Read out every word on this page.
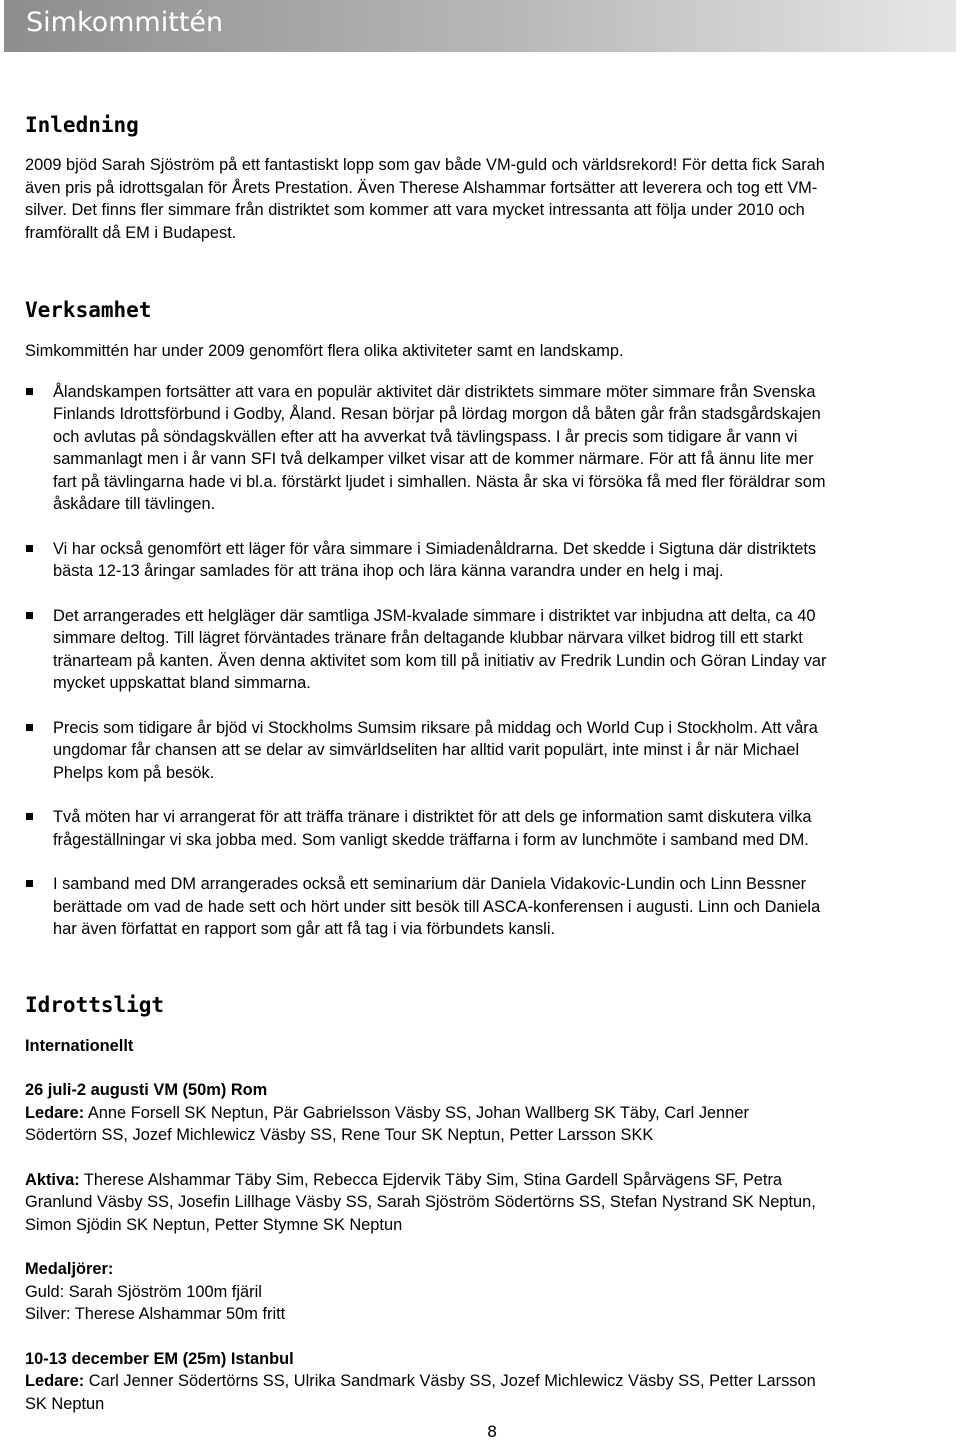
Simkommittén
Inledning

2009 bjöd Sarah Sjöström på ett fantastiskt lopp som gav både VM-guld och världsrekord! För detta fick Sarah
även pris på idrottsgalan för Årets Prestation. Även Therese Alshammar fortsätter att leverera och tog ett VM-
silver. Det finns fler simmare från distriktet som kommer att vara mycket intressanta att följa under 2010 och
framförallt då EM i Budapest.

Verksamhet

Simkommittén har under 2009 genomfört flera olika aktiviteter samt en landskamp.

Ålandskampen fortsätter att vara en populär aktivitet där distriktets simmare möter simmare från Svenska
Finlands Idrottsförbund i Godby, Åland. Resan börjar på lördag morgon då båten går från stadsgårdskajen
och avlutas på söndagskvällen efter att ha avverkat två tävlingspass. I år precis som tidigare år vann vi
sammanlagt men i år vann SFI två delkamper vilket visar att de kommer närmare. För att få ännu lite mer
fart på tävlingarna hade vi bl.a. förstärkt ljudet i simhallen. Nästa år ska vi försöka få med fler föräldrar som
åskådare till tävlingen.

Vi har också genomfört ett läger för våra simmare i Simiadenåldrarna. Det skedde i Sigtuna där distriktets
bästa 12-13 åringar samlades för att träna ihop och lära känna varandra under en helg i maj.

Det arrangerades ett helgläger där samtliga JSM-kvalade simmare i distriktet var inbjudna att delta, ca 40
simmare deltog. Till lägret förväntades tränare från deltagande klubbar närvara vilket bidrog till ett starkt
tränarteam på kanten. Även denna aktivitet som kom till på initiativ av Fredrik Lundin och Göran Linday var
mycket uppskattat bland simmarna.

Precis som tidigare år bjöd vi Stockholms Sumsim riksare på middag och World Cup i Stockholm. Att våra
ungdomar får chansen att se delar av simvärldseliten har alltid varit populärt, inte minst i år när Michael
Phelps kom på besök.

Två möten har vi arrangerat för att träffa tränare i distriktet för att dels ge information samt diskutera vilka
frågeställningar vi ska jobba med. Som vanligt skedde träffarna i form av lunchmöte i samband med DM.

I samband med DM arrangerades också ett seminarium där Daniela Vidakovic-Lundin och Linn Bessner
berättade om vad de hade sett och hört under sitt besök till ASCA-konferensen i augusti. Linn och Daniela
har även författat en rapport som går att få tag i via förbundets kansli.

Idrottsligt

Internationellt

26 juli-2 augusti VM (50m) Rom

Ledare: Anne Forsell SK Neptun, Pär Gabrielsson Väsby SS, Johan Wallberg SK Täby, Carl Jenner
Södertörn SS, Jozef Michlewicz Väsby SS, Rene Tour SK Neptun, Petter Larsson SKK

Aktiva: Therese Alshammar Täby Sim, Rebecca Ejdervik Täby Sim, Stina Gardell Spårvägens SF, Petra
Granlund Väsby SS, Josefin Lillhage Väsby SS, Sarah Sjöström Södertörns SS, Stefan Nystrand SK Neptun,
Simon Sjödin SK Neptun, Petter Stymne SK Neptun

Medaljörer:
Guld: Sarah Sjöström 100m fjäril
Silver: Therese Alshammar 50m fritt

10-13 december EM (25m) Istanbul

Ledare: Carl Jenner Södertörns SS, Ulrika Sandmark Väsby SS, Jozef Michlewicz Väsby SS, Petter Larsson
SK Neptun

8
